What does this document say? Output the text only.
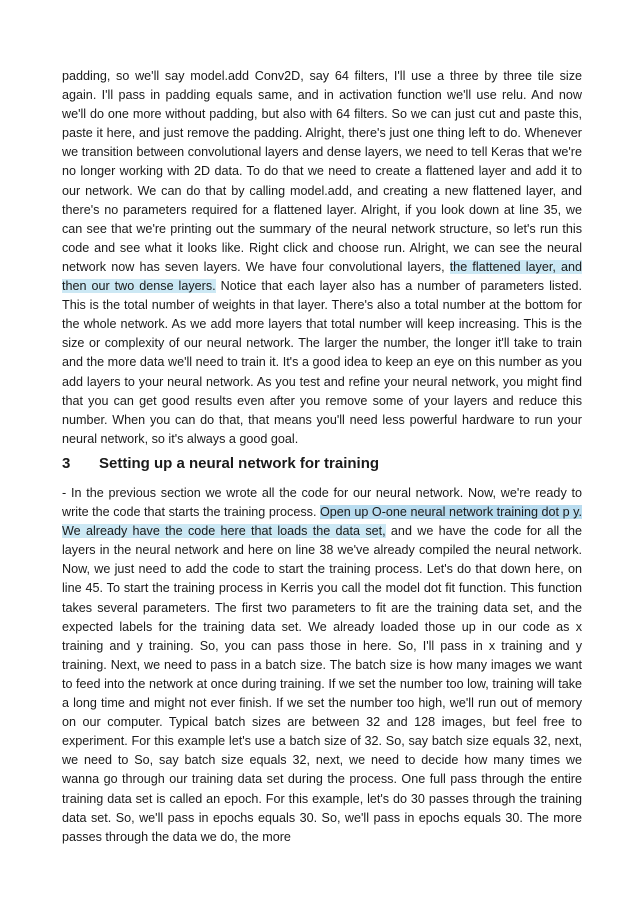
padding, so we'll say model.add Conv2D, say 64 filters, I'll use a three by three tile size again. I'll pass in padding equals same, and in activation function we'll use relu. And now we'll do one more without padding, but also with 64 filters. So we can just cut and paste this, paste it here, and just remove the padding. Alright, there's just one thing left to do. Whenever we transition between convolutional layers and dense layers, we need to tell Keras that we're no longer working with 2D data. To do that we need to create a flattened layer and add it to our network. We can do that by calling model.add, and creating a new flattened layer, and there's no parameters required for a flattened layer. Alright, if you look down at line 35, we can see that we're printing out the summary of the neural network structure, so let's run this code and see what it looks like. Right click and choose run. Alright, we can see the neural network now has seven layers. We have four convolutional layers, the flattened layer, and then our two dense layers. Notice that each layer also has a number of parameters listed. This is the total number of weights in that layer. There's also a total number at the bottom for the whole network. As we add more layers that total number will keep increasing. This is the size or complexity of our neural network. The larger the number, the longer it'll take to train and the more data we'll need to train it. It's a good idea to keep an eye on this number as you add layers to your neural network. As you test and refine your neural network, you might find that you can get good results even after you remove some of your layers and reduce this number. When you can do that, that means you'll need less powerful hardware to run your neural network, so it's always a good goal.

3 Setting up a neural network for training

- In the previous section we wrote all the code for our neural network. Now, we're ready to write the code that starts the training process. Open up O-one neural network training dot p y. We already have the code here that loads the data set, and we have the code for all the layers in the neural network and here on line 38 we've already compiled the neural network. Now, we just need to add the code to start the training process. Let's do that down here, on line 45. To start the training process in Kerris you call the model dot fit function. This function takes several parameters. The first two parameters to fit are the training data set, and the expected labels for the training data set. We already loaded those up in our code as x training and y training. So, you can pass those in here. So, I'll pass in x training and y training. Next, we need to pass in a batch size. The batch size is how many images we want to feed into the network at once during training. If we set the number too low, training will take a long time and might not ever finish. If we set the number too high, we'll run out of memory on our computer. Typical batch sizes are between 32 and 128 images, but feel free to experiment. For this example let's use a batch size of 32. So, say batch size equals 32, next, we need to So, say batch size equals 32, next, we need to decide how many times we wanna go through our training data set during the process. One full pass through the entire training data set is called an epoch. For this example, let's do 30 passes through the training data set. So, we'll pass in epochs equals 30. So, we'll pass in epochs equals 30. The more passes through the data we do, the more
